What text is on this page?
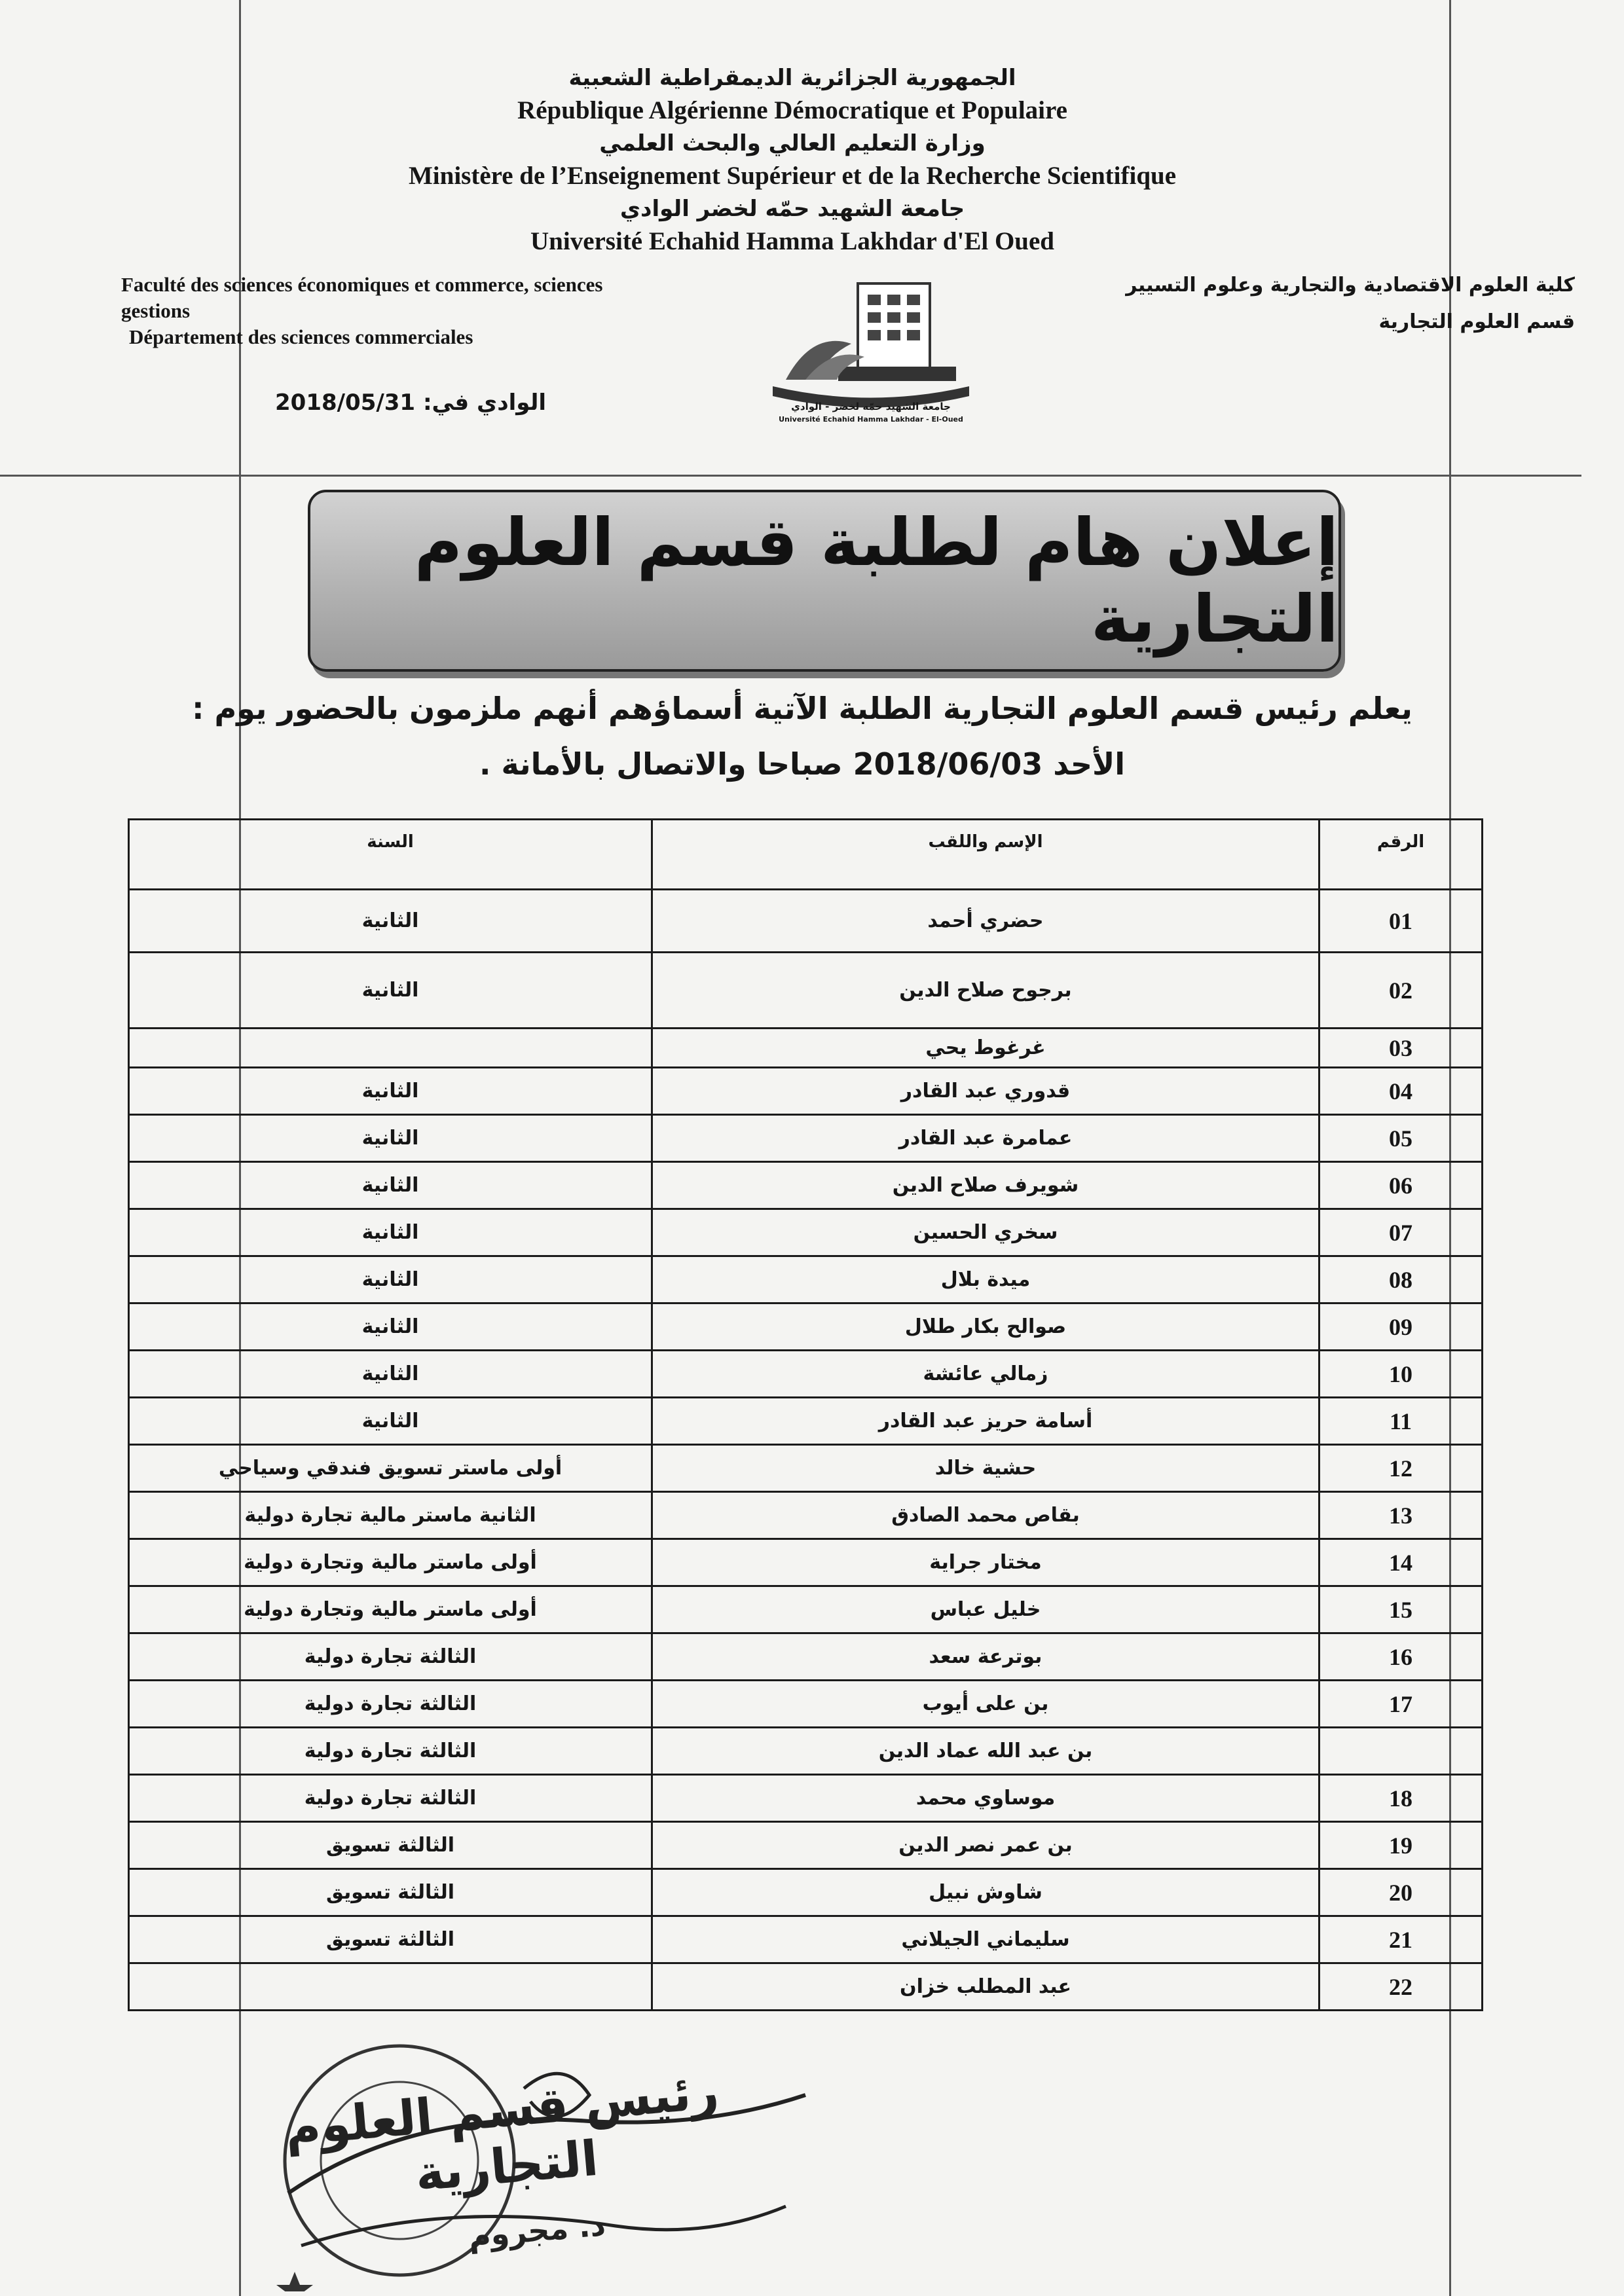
الجمهورية الجزائرية الديمقراطية الشعبية
République Algérienne Démocratique et Populaire
وزارة التعليم العالي والبحث العلمي
Ministère de l’Enseignement Supérieur et de la Recherche Scientifique
جامعة الشهيد حمّه لخضر الوادي
Université Echahid Hamma Lakhdar d'El Oued
Faculté des sciences économiques et commerce, sciences
gestions
Département des sciences commerciales
كلية العلوم الاقتصادية والتجارية وعلوم التسيير
قسم العلوم التجارية
الوادي في: 2018/05/31	جامعة الشهيد حمّه لخضر - الوادي
Université Echahid Hamma Lakhdar - El-Oued
إعلان هام لطلبة قسم العلوم التجارية
يعلم رئيس قسم العلوم التجارية الطلبة الآتية أسماؤهم أنهم ملزمون بالحضور يوم :
الأحد 2018/06/03 صباحا والاتصال بالأمانة .
الرقم	الإسم واللقب	السنة
01	حضري أحمد	الثانية
02	برجوح صلاح الدين	الثانية
03	غرغوط يحي	
04	قدوري عبد القادر	الثانية
05	عمامرة عبد القادر	الثانية
06	شويرف صلاح الدين	الثانية
07	سخري الحسين	الثانية
08	ميدة بلال	الثانية
09	صوالح بكار طلال	الثانية
10	زمالي عائشة	الثانية
11	أسامة حريز عبد القادر	الثانية
12	حشية خالد	أولى ماستر تسويق فندقي وسياحي
13	بقاص محمد الصادق	الثانية ماستر مالية تجارة دولية
14	مختار جراية	أولى ماستر مالية وتجارة دولية
15	خليل عباس	أولى ماستر مالية وتجارة دولية
16	بوترعة سعد	الثالثة تجارة دولية
17	بن على أيوب	الثالثة تجارة دولية
	بن عبد الله عماد الدين	الثالثة تجارة دولية
18	موساوي محمد	الثالثة تجارة دولية
19	بن عمر نصر الدين	الثالثة تسويق
20	شاوش نبيل	الثالثة تسويق
21	سليماني الجيلاني	الثالثة تسويق
22	عبد المطلب خزان	
رئيس قسم العلوم التجارية
د. مجروم
